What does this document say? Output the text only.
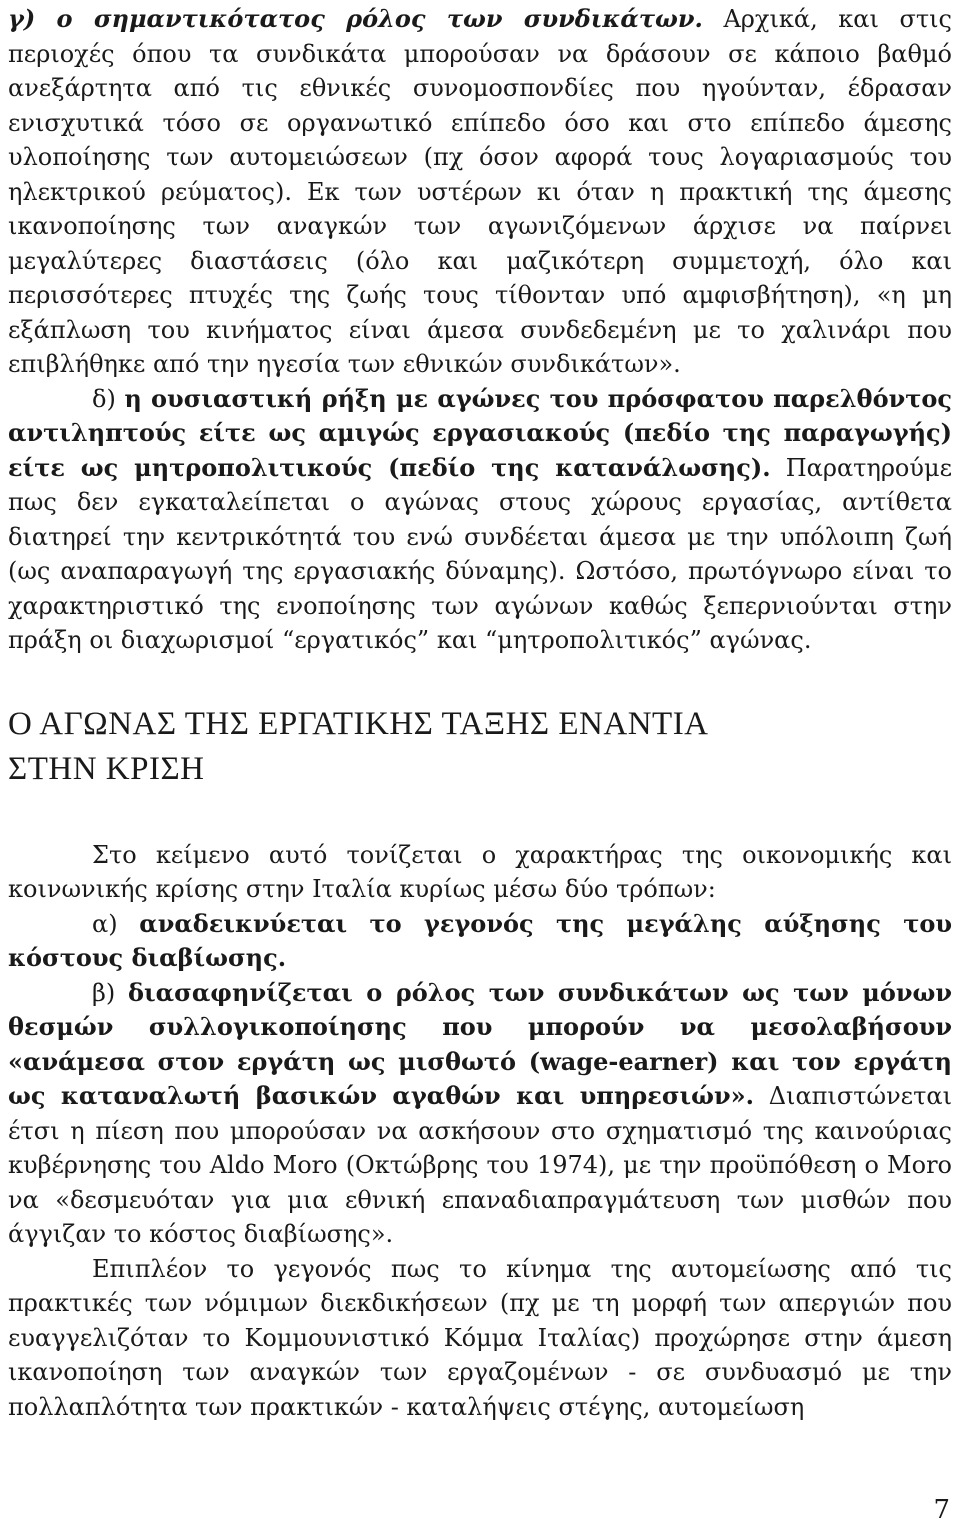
γ) ο σημαντικότατος ρόλος των συνδικάτων. Αρχικά, και στις περιοχές όπου τα συνδικάτα μπορούσαν να δράσουν σε κάποιο βαθμό ανεξάρτητα από τις εθνικές συνομοσπονδίες που ηγούνταν, έδρασαν ενισχυτικά τόσο σε οργανωτικό επίπεδο όσο και στο επίπεδο άμεσης υλοποίησης των αυτομειώσεων (πχ όσον αφορά τους λογαριασμούς του ηλεκτρικού ρεύματος). Εκ των υστέρων κι όταν η πρακτική της άμεσης ικανοποίησης των αναγκών των αγωνιζόμενων άρχισε να παίρνει μεγαλύτερες διαστάσεις (όλο και μαζικότερη συμμετοχή, όλο και περισσότερες πτυχές της ζωής τους τίθονταν υπό αμφισβήτηση), «η μη εξάπλωση του κινήματος είναι άμεσα συνδεδεμένη με το χαλινάρι που επιβλήθηκε από την ηγεσία των εθνικών συνδικάτων».

δ) η ουσιαστική ρήξη με αγώνες του πρόσφατου παρελθόντος αντιληπτούς είτε ως αμιγώς εργασιακούς (πεδίο της παραγωγής) είτε ως μητροπολιτικούς (πεδίο της κατανάλωσης). Παρατηρούμε πως δεν εγκαταλείπεται ο αγώνας στους χώρους εργασίας, αντίθετα διατηρεί την κεντρικότητά του ενώ συνδέεται άμεσα με την υπόλοιπη ζωή (ως αναπαραγωγή της εργασιακής δύναμης). Ωστόσο, πρωτόγνωρο είναι το χαρακτηριστικό της ενοποίησης των αγώνων καθώς ξεπερνιούνται στην πράξη οι διαχωρισμοί “εργατικός” και “μητροπολιτικός” αγώνας.

Ο ΑΓΩΝΑΣ ΤΗΣ ΕΡΓΑΤΙΚΗΣ ΤΑΞΗΣ ΕΝΑΝΤΙΑ
ΣΤΗΝ ΚΡΙΣΗ

Στο κείμενο αυτό τονίζεται ο χαρακτήρας της οικονομικής και κοινωνικής κρίσης στην Ιταλία κυρίως μέσω δύο τρόπων:

α) αναδεικνύεται το γεγονός της μεγάλης αύξησης του κόστους διαβίωσης.

β) διασαφηνίζεται ο ρόλος των συνδικάτων ως των μόνων θεσμών συλλογικοποίησης που μπορούν να μεσολαβήσουν «ανάμεσα στον εργάτη ως μισθωτό (wage-earner) και τον εργάτη ως καταναλωτή βασικών αγαθών και υπηρεσιών». Διαπιστώνεται έτσι η πίεση που μπορούσαν να ασκήσουν στο σχηματισμό της καινούριας κυβέρνησης του Aldo Moro (Οκτώβρης του 1974), με την προϋπόθεση ο Moro να «δεσμευόταν για μια εθνική επαναδιαπραγμάτευση των μισθών που άγγιζαν το κόστος διαβίωσης».

Επιπλέον το γεγονός πως το κίνημα της αυτομείωσης από τις πρακτικές των νόμιμων διεκδικήσεων (πχ με τη μορφή των απεργιών που ευαγγελιζόταν το Κομμουνιστικό Κόμμα Ιταλίας) προχώρησε στην άμεση ικανοποίηση των αναγκών των εργαζομένων - σε συνδυασμό με την πολλαπλότητα των πρακτικών - καταλήψεις στέγης, αυτομείωση

7
